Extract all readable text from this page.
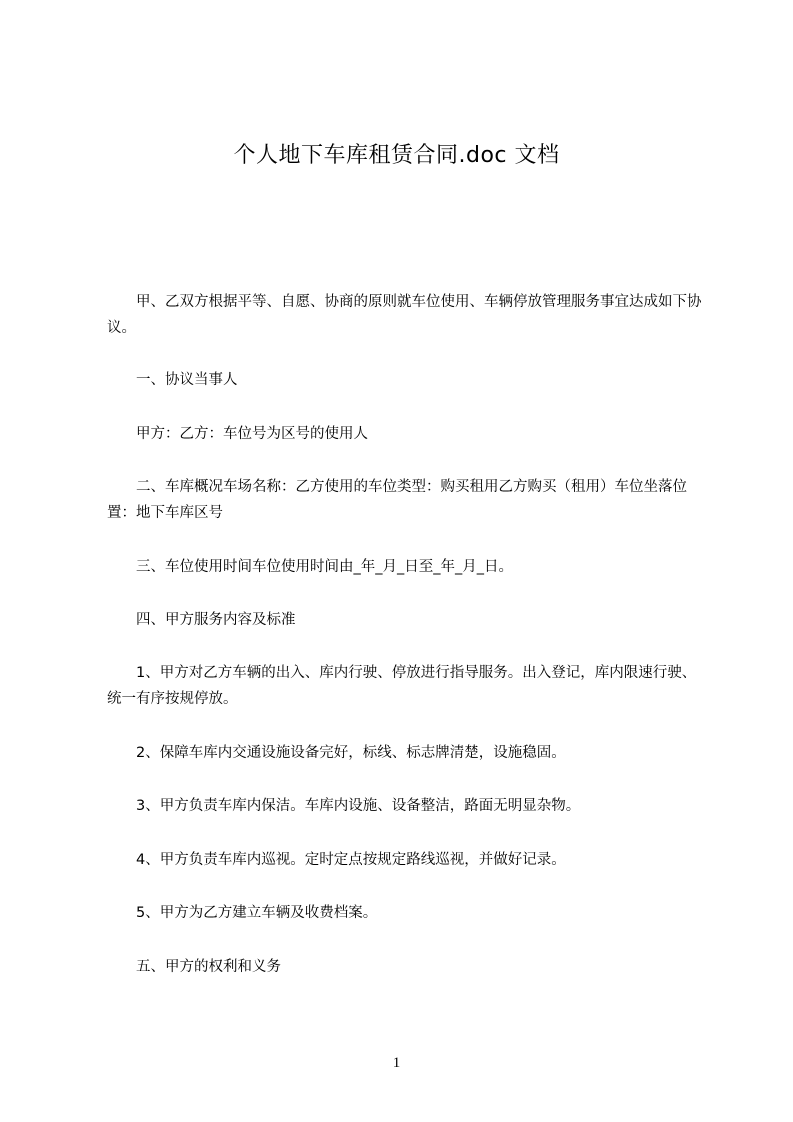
个人地下车库租赁合同.doc 文档

　　甲、乙双方根据平等、自愿、协商的原则就车位使用、车辆停放管理服务事宜达成如下协议。

　　一、协议当事人

　　甲方：乙方：车位号为区号的使用人

　　二、车库概况车场名称：乙方使用的车位类型：购买租用乙方购买（租用）车位坐落位置：地下车库区号

　　三、车位使用时间车位使用时间由_年_月_日至_年_月_日。

　　四、甲方服务内容及标准

　　1、甲方对乙方车辆的出入、库内行驶、停放进行指导服务。出入登记，库内限速行驶、统一有序按规停放。

　　2、保障车库内交通设施设备完好，标线、标志牌清楚，设施稳固。

　　3、甲方负责车库内保洁。车库内设施、设备整洁，路面无明显杂物。

　　4、甲方负责车库内巡视。定时定点按规定路线巡视，并做好记录。

　　5、甲方为乙方建立车辆及收费档案。

　　五、甲方的权利和义务

1
